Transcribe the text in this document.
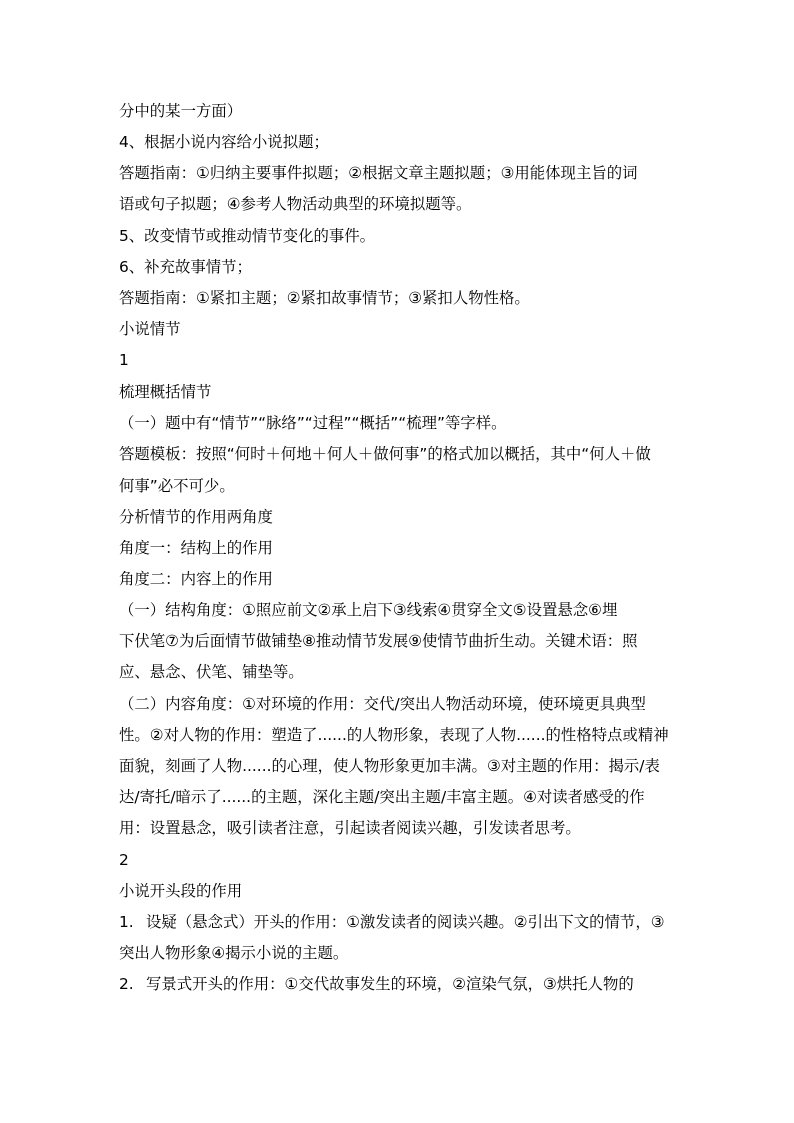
分中的某一方面）
4、根据小说内容给小说拟题；
答题指南：①归纳主要事件拟题；②根据文章主题拟题；③用能体现主旨的词
语或句子拟题；④参考人物活动典型的环境拟题等。
5、改变情节或推动情节变化的事件。
6、补充故事情节；
答题指南：①紧扣主题；②紧扣故事情节；③紧扣人物性格。
小说情节
1
梳理概括情节
（一）题中有“情节”“脉络”“过程”“概括”“梳理”等字样。
答题模板：按照“何时＋何地＋何人＋做何事”的格式加以概括，其中“何人＋做
何事”必不可少。
分析情节的作用两角度
角度一：结构上的作用
角度二：内容上的作用
（一）结构角度：①照应前文②承上启下③线索④贯穿全文⑤设置悬念⑥埋
下伏笔⑦为后面情节做铺垫⑧推动情节发展⑨使情节曲折生动。关键术语：照
应、悬念、伏笔、铺垫等。
（二）内容角度：①对环境的作用：交代/突出人物活动环境，使环境更具典型
性。②对人物的作用：塑造了......的人物形象，表现了人物......的性格特点或精神
面貌，刻画了人物......的心理，使人物形象更加丰满。③对主题的作用：揭示/表
达/寄托/暗示了......的主题，深化主题/突出主题/丰富主题。④对读者感受的作
用：设置悬念，吸引读者注意，引起读者阅读兴趣，引发读者思考。
2
小说开头段的作用
1. 设疑（悬念式）开头的作用：①激发读者的阅读兴趣。②引出下文的情节，③
突出人物形象④揭示小说的主题。
2. 写景式开头的作用：①交代故事发生的环境，②渲染气氛，③烘托人物的
